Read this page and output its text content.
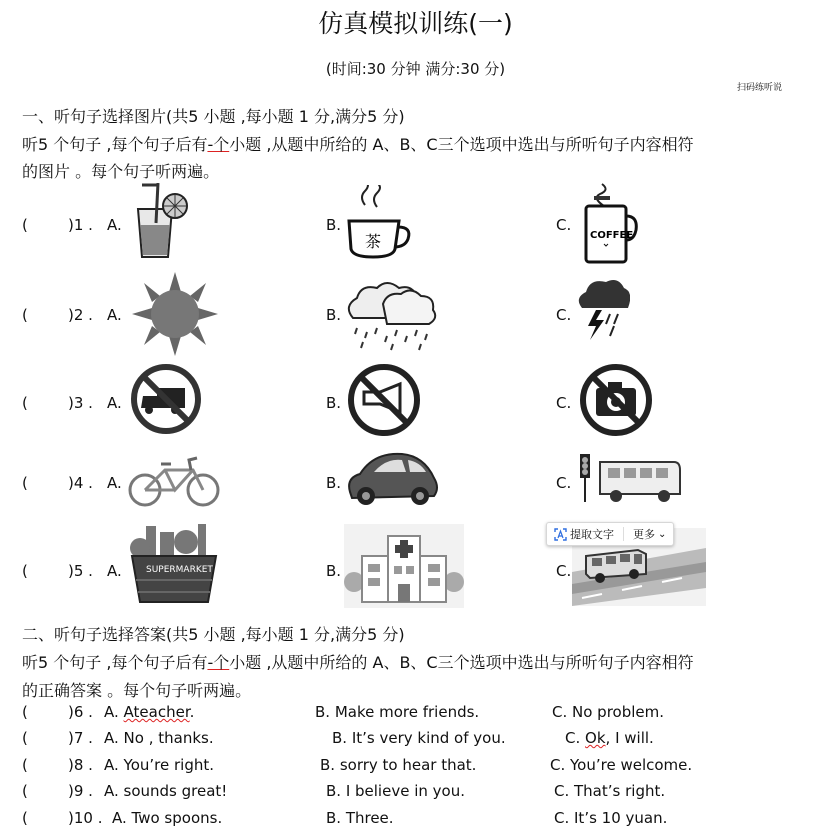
仿真模拟训练(一)
(时间:30 分钟 满分:30 分)
扫码练听说
一、听句子选择图片(共5 小题 ,每小题 1 分,满分5 分)
听5 个句子 ,每个句子后有-个小题 ,从题中所给的 A、B、C三个选项中选出与所听句子内容相符
的图片 。每个句子听两遍。
(	)1 . A.	B.	C.
茶	COFFEE
(	)2 . A.	B.	C.
(	)3 . A.	B.	C.
(	)4 . A.	B.	C.
(	)5 . A.	B.	C.
SUPERMARKET
提取文字 更多 ⌄
二、听句子选择答案(共5 小题 ,每小题 1 分,满分5 分)
听5 个句子 ,每个句子后有-个小题 ,从题中所给的 A、B、C三个选项中选出与所听句子内容相符
的正确答案 。每个句子听两遍。
(	)6 . A. Ateacher.	B. Make more friends.	C. No problem.
(	)7 . A. No , thanks.	B. It’s very kind of you.	C. Ok, I will.
(	)8 . A. You’re right.	B. sorry to hear that.	C. You’re welcome.
(	)9 . A. sounds great!	B. I believe in you.	C. That’s right.
(	)10 . A. Two spoons.	B. Three.	C. It’s 10 yuan.
